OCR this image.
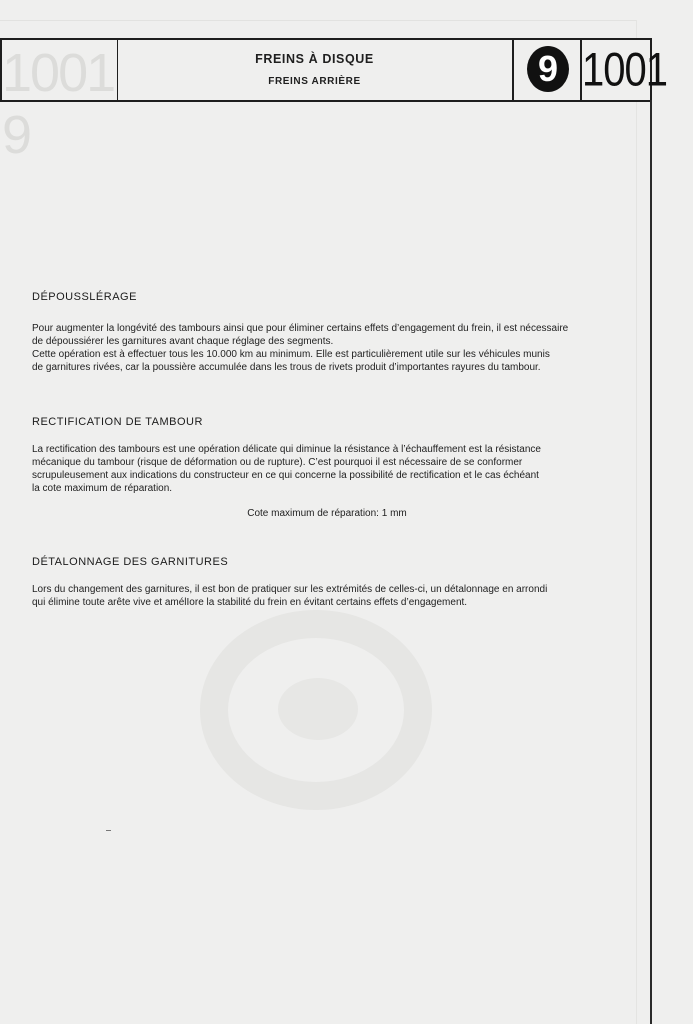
1001 9
FREINS À DISQUE
FREINS ARRIÈRE	9 1001

DÉPOUSSLÉRAGE

Pour augmenter la longévité des tambours ainsi que pour éliminer certains effets d’engagement du frein, il est nécessaire

de dépoussiérer les garnitures avant chaque réglage des segments.

Cette opération est à effectuer tous les 10.000 km au minimum. Elle est particulièrement utile sur les véhicules munis

de garnitures rivées, car la poussière accumulée dans les trous de rivets produit d’importantes rayures du tambour.

RECTIFICATION DE TAMBOUR

La rectification des tambours est une opération délicate qui diminue la résistance à l’échauffement est la résistance

mécanique du tambour (risque de déformation ou de rupture). C’est pourquoi il est nécessaire de se conformer

scrupuleusement aux indications du constructeur en ce qui concerne la possibilité de rectification et le cas échéant

la cote maximum de réparation.

Cote maximum de réparation: 1 mm

DÉTALONNAGE DES GARNITURES

Lors du changement des garnitures, il est bon de pratiquer sur les extrémités de celles-ci, un détalonnage en arrondi

qui élimine toute arête vive et amélIore la stabilité du frein en évitant certains effets d’engagement.
